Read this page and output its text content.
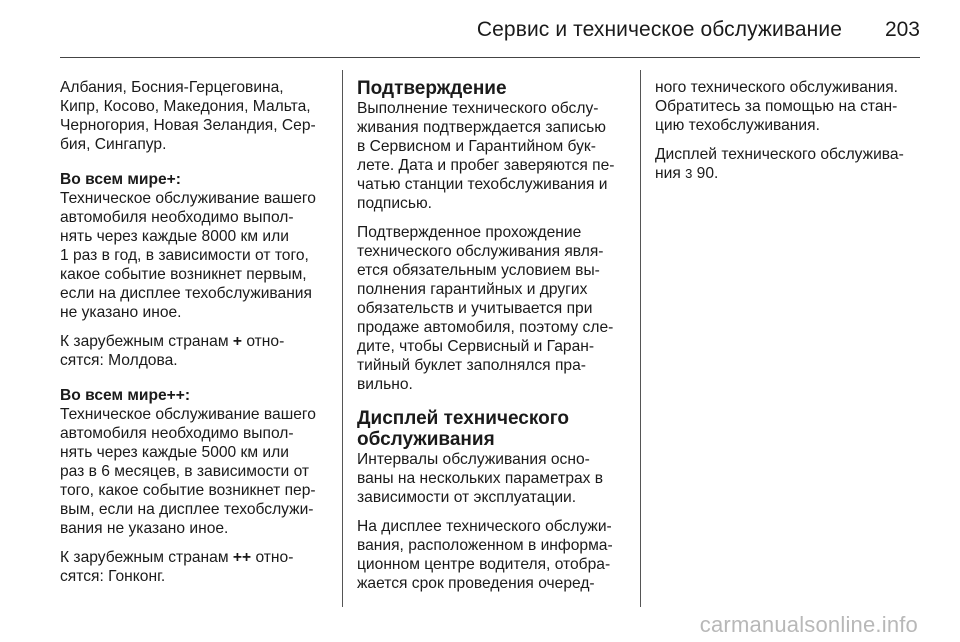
Сервис и техническое обслуживание 203
Албания, Босния-Герцеговина,
Кипр, Косово, Македония, Мальта,
Черногория, Новая Зеландия, Сер-
бия, Сингапур.
Во всем мире+:
Техническое обслуживание вашего
автомобиля необходимо выпол-
нять через каждые 8000 км или
1 раз в год, в зависимости от того,
какое событие возникнет первым,
если на дисплее техобслуживания
не указано иное.
К зарубежным странам + отно-
сятся: Молдова.
Во всем мире++:
Техническое обслуживание вашего
автомобиля необходимо выпол-
нять через каждые 5000 км или
раз в 6 месяцев, в зависимости от
того, какое событие возникнет пер-
вым, если на дисплее техобслужи-
вания не указано иное.
К зарубежным странам ++ отно-
сятся: Гонконг.
Подтверждение
Выполнение технического обслу-
живания подтверждается записью
в Сервисном и Гарантийном бук-
лете. Дата и пробег заверяются пе-
чатью станции техобслуживания и
подписью.
Подтвержденное прохождение
технического обслуживания явля-
ется обязательным условием вы-
полнения гарантийных и других
обязательств и учитывается при
продаже автомобиля, поэтому сле-
дите, чтобы Сервисный и Гаран-
тийный буклет заполнялся пра-
вильно.
Дисплей технического
обслуживания
Интервалы обслуживания осно-
ваны на нескольких параметрах в
зависимости от эксплуатации.
На дисплее технического обслужи-
вания, расположенном в информа-
ционном центре водителя, отобра-
жается срок проведения очеред-
ного технического обслуживания.
Обратитесь за помощью на стан-
цию техобслуживания.
Дисплей технического обслужива-
ния 3 90.
carmanualsonline.info
